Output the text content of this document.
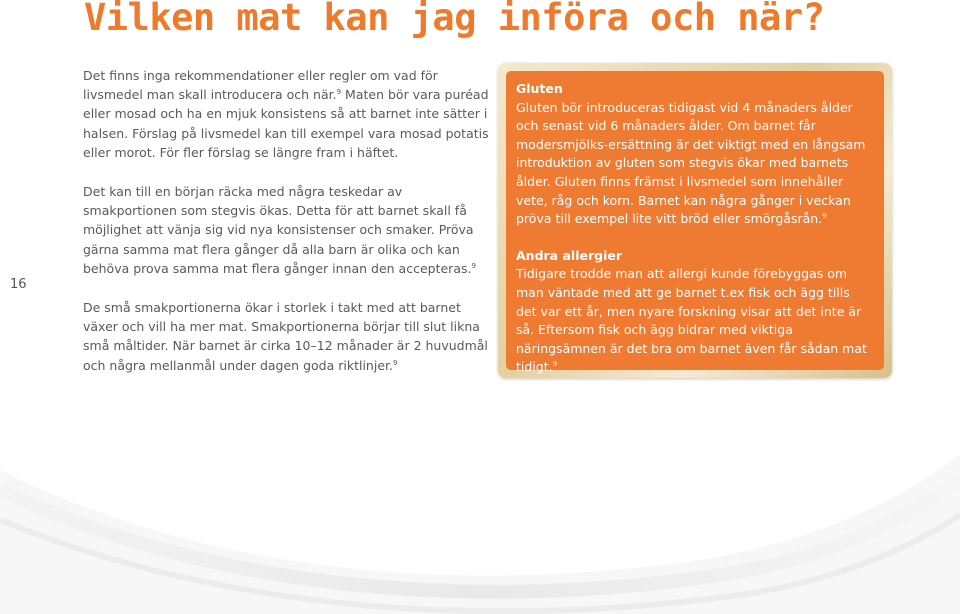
Vilken mat kan jag införa och när?
16

Det finns inga rekommendationer eller regler om vad för livsmedel man skall introducera och när.$^9$ Maten bör vara puréad eller mosad och ha en mjuk konsistens så att barnet inte sätter i halsen. Förslag på livsmedel kan till exempel vara mosad potatis eller morot. För fler förslag se längre fram i häftet.

Det kan till en början räcka med några teskedar av smakportionen som stegvis ökas. Detta för att barnet skall få möjlighet att vänja sig vid nya konsistenser och smaker. Pröva gärna samma mat flera gånger då alla barn är olika och kan behöva prova samma mat flera gånger innan den accepteras.$^9$

De små smakportionerna ökar i storlek i takt med att barnet växer och vill ha mer mat. Smakportionerna börjar till slut likna små måltider. När barnet är cirka 10–12 månader är 2 huvudmål och några mellanmål under dagen goda riktlinjer.$^9$

Gluten

Gluten bör introduceras tidigast vid 4 månaders ålder och senast vid 6 månaders ålder. Om barnet får modersmjölks-ersättning är det viktigt med en långsam introduktion av gluten som stegvis ökar med barnets ålder. Gluten finns främst i livsmedel som innehåller vete, råg och korn. Barnet kan några gånger i veckan pröva till exempel lite vitt bröd eller smörgåsrån.$^9$

Andra allergier

Tidigare trodde man att allergi kunde förebyggas om man väntade med att ge barnet t.ex fisk och ägg tills det var ett år, men nyare forskning visar att det inte är så. Eftersom fisk och ägg bidrar med viktiga näringsämnen är det bra om barnet även får sådan mat tidigt.$^9$
